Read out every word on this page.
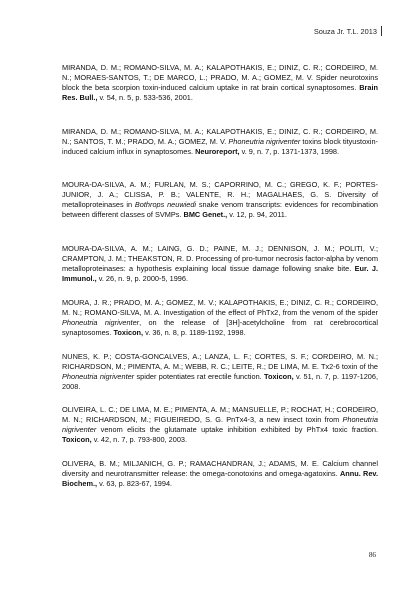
Souza Jr. T.L. 2013
MIRANDA, D. M.; ROMANO-SILVA, M. A.; KALAPOTHAKIS, E.; DINIZ, C. R.; CORDEIRO, M. N.; MORAES-SANTOS, T.; DE MARCO, L.; PRADO, M. A.; GOMEZ, M. V. Spider neurotoxins block the beta scorpion toxin-induced calcium uptake in rat brain cortical synaptosomes. Brain Res. Bull., v. 54, n. 5, p. 533-536, 2001.
MIRANDA, D. M.; ROMANO-SILVA, M. A.; KALAPOTHAKIS, E.; DINIZ, C. R.; CORDEIRO, M. N.; SANTOS, T. M.; PRADO, M. A.; GOMEZ, M. V. Phoneutria nigriventer toxins block tityustoxin-induced calcium influx in synaptosomes. Neuroreport, v. 9, n. 7, p. 1371-1373, 1998.
MOURA-DA-SILVA, A. M.; FURLAN, M. S.; CAPORRINO, M. C.; GREGO, K. F.; PORTES-JUNIOR, J. A.; CLISSA, P. B.; VALENTE, R. H.; MAGALHAES, G. S. Diversity of metalloproteinases in Bothrops neuwiedi snake venom transcripts: evidences for recombination between different classes of SVMPs. BMC Genet., v. 12, p. 94, 2011.
MOURA-DA-SILVA, A. M.; LAING, G. D.; PAINE, M. J.; DENNISON, J. M.; POLITI, V.; CRAMPTON, J. M.; THEAKSTON, R. D. Processing of pro-tumor necrosis factor-alpha by venom metalloproteinases: a hypothesis explaining local tissue damage following snake bite. Eur. J. Immunol., v. 26, n. 9, p. 2000-5, 1996.
MOURA, J. R.; PRADO, M. A.; GOMEZ, M. V.; KALAPOTHAKIS, E.; DINIZ, C. R.; CORDEIRO, M. N.; ROMANO-SILVA, M. A. Investigation of the effect of PhTx2, from the venom of the spider Phoneutria nigriventer, on the release of [3H]-acetylcholine from rat cerebrocortical synaptosomes. Toxicon, v. 36, n. 8, p. 1189-1192, 1998.
NUNES, K. P.; COSTA-GONCALVES, A.; LANZA, L. F.; CORTES, S. F.; CORDEIRO, M. N.; RICHARDSON, M.; PIMENTA, A. M.; WEBB, R. C.; LEITE, R.; DE LIMA, M. E. Tx2-6 toxin of the Phoneutria nigriventer spider potentiates rat erectile function. Toxicon, v. 51, n. 7, p. 1197-1206, 2008.
OLIVEIRA, L. C.; DE LIMA, M. E.; PIMENTA, A. M.; MANSUELLE, P.; ROCHAT, H.; CORDEIRO, M. N.; RICHARDSON, M.; FIGUEIREDO, S. G. PnTx4-3, a new insect toxin from Phoneutria nigriventer venom elicits the glutamate uptake inhibition exhibited by PhTx4 toxic fraction. Toxicon, v. 42, n. 7, p. 793-800, 2003.
OLIVERA, B. M.; MILJANICH, G. P.; RAMACHANDRAN, J.; ADAMS, M. E. Calcium channel diversity and neurotransmitter release: the omega-conotoxins and omega-agatoxins. Annu. Rev. Biochem., v. 63, p. 823-67, 1994.
86
